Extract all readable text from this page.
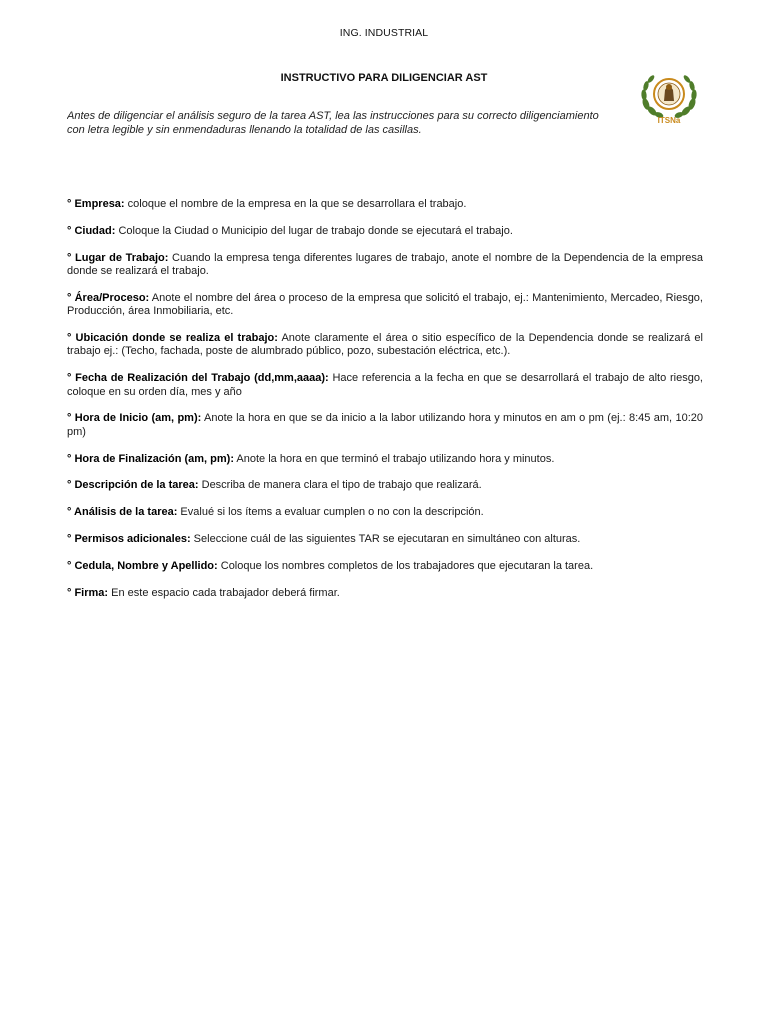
ING. INDUSTRIAL
INSTRUCTIVO PARA DILIGENCIAR AST
ITSNa
Antes de diligenciar el análisis seguro de la tarea AST, lea las instrucciones para su correcto diligenciamiento
con letra legible y sin enmendaduras llenando la totalidad de las casillas.

° Empresa: coloque el nombre de la empresa en la que se desarrollara el trabajo.

° Ciudad: Coloque la Ciudad o Municipio del lugar de trabajo donde se ejecutará el trabajo.

° Lugar de Trabajo: Cuando la empresa tenga diferentes lugares de trabajo, anote el nombre de la Dependencia de la empresa donde se realizará el trabajo.

° Área/Proceso: Anote el nombre del área o proceso de la empresa que solicitó el trabajo, ej.: Mantenimiento, Mercadeo, Riesgo, Producción, área Inmobiliaria, etc.

° Ubicación donde se realiza el trabajo: Anote claramente el área o sitio específico de la Dependencia donde se realizará el trabajo ej.: (Techo, fachada, poste de alumbrado público, pozo, subestación eléctrica, etc.).

° Fecha de Realización del Trabajo (dd,mm,aaaa): Hace referencia a la fecha en que se desarrollará el trabajo de alto riesgo, coloque en su orden día, mes y año

° Hora de Inicio (am, pm): Anote la hora en que se da inicio a la labor utilizando hora y minutos en am o pm (ej.: 8:45 am, 10:20 pm)

° Hora de Finalización (am, pm): Anote la hora en que terminó el trabajo utilizando hora y minutos.

° Descripción de la tarea: Describa de manera clara el tipo de trabajo que realizará.

° Análisis de la tarea: Evalué si los ítems a evaluar cumplen o no con la descripción.

° Permisos adicionales: Seleccione cuál de las siguientes TAR se ejecutaran en simultáneo con alturas.

° Cedula, Nombre y Apellido: Coloque los nombres completos de los trabajadores que ejecutaran la tarea.

° Firma: En este espacio cada trabajador deberá firmar.
